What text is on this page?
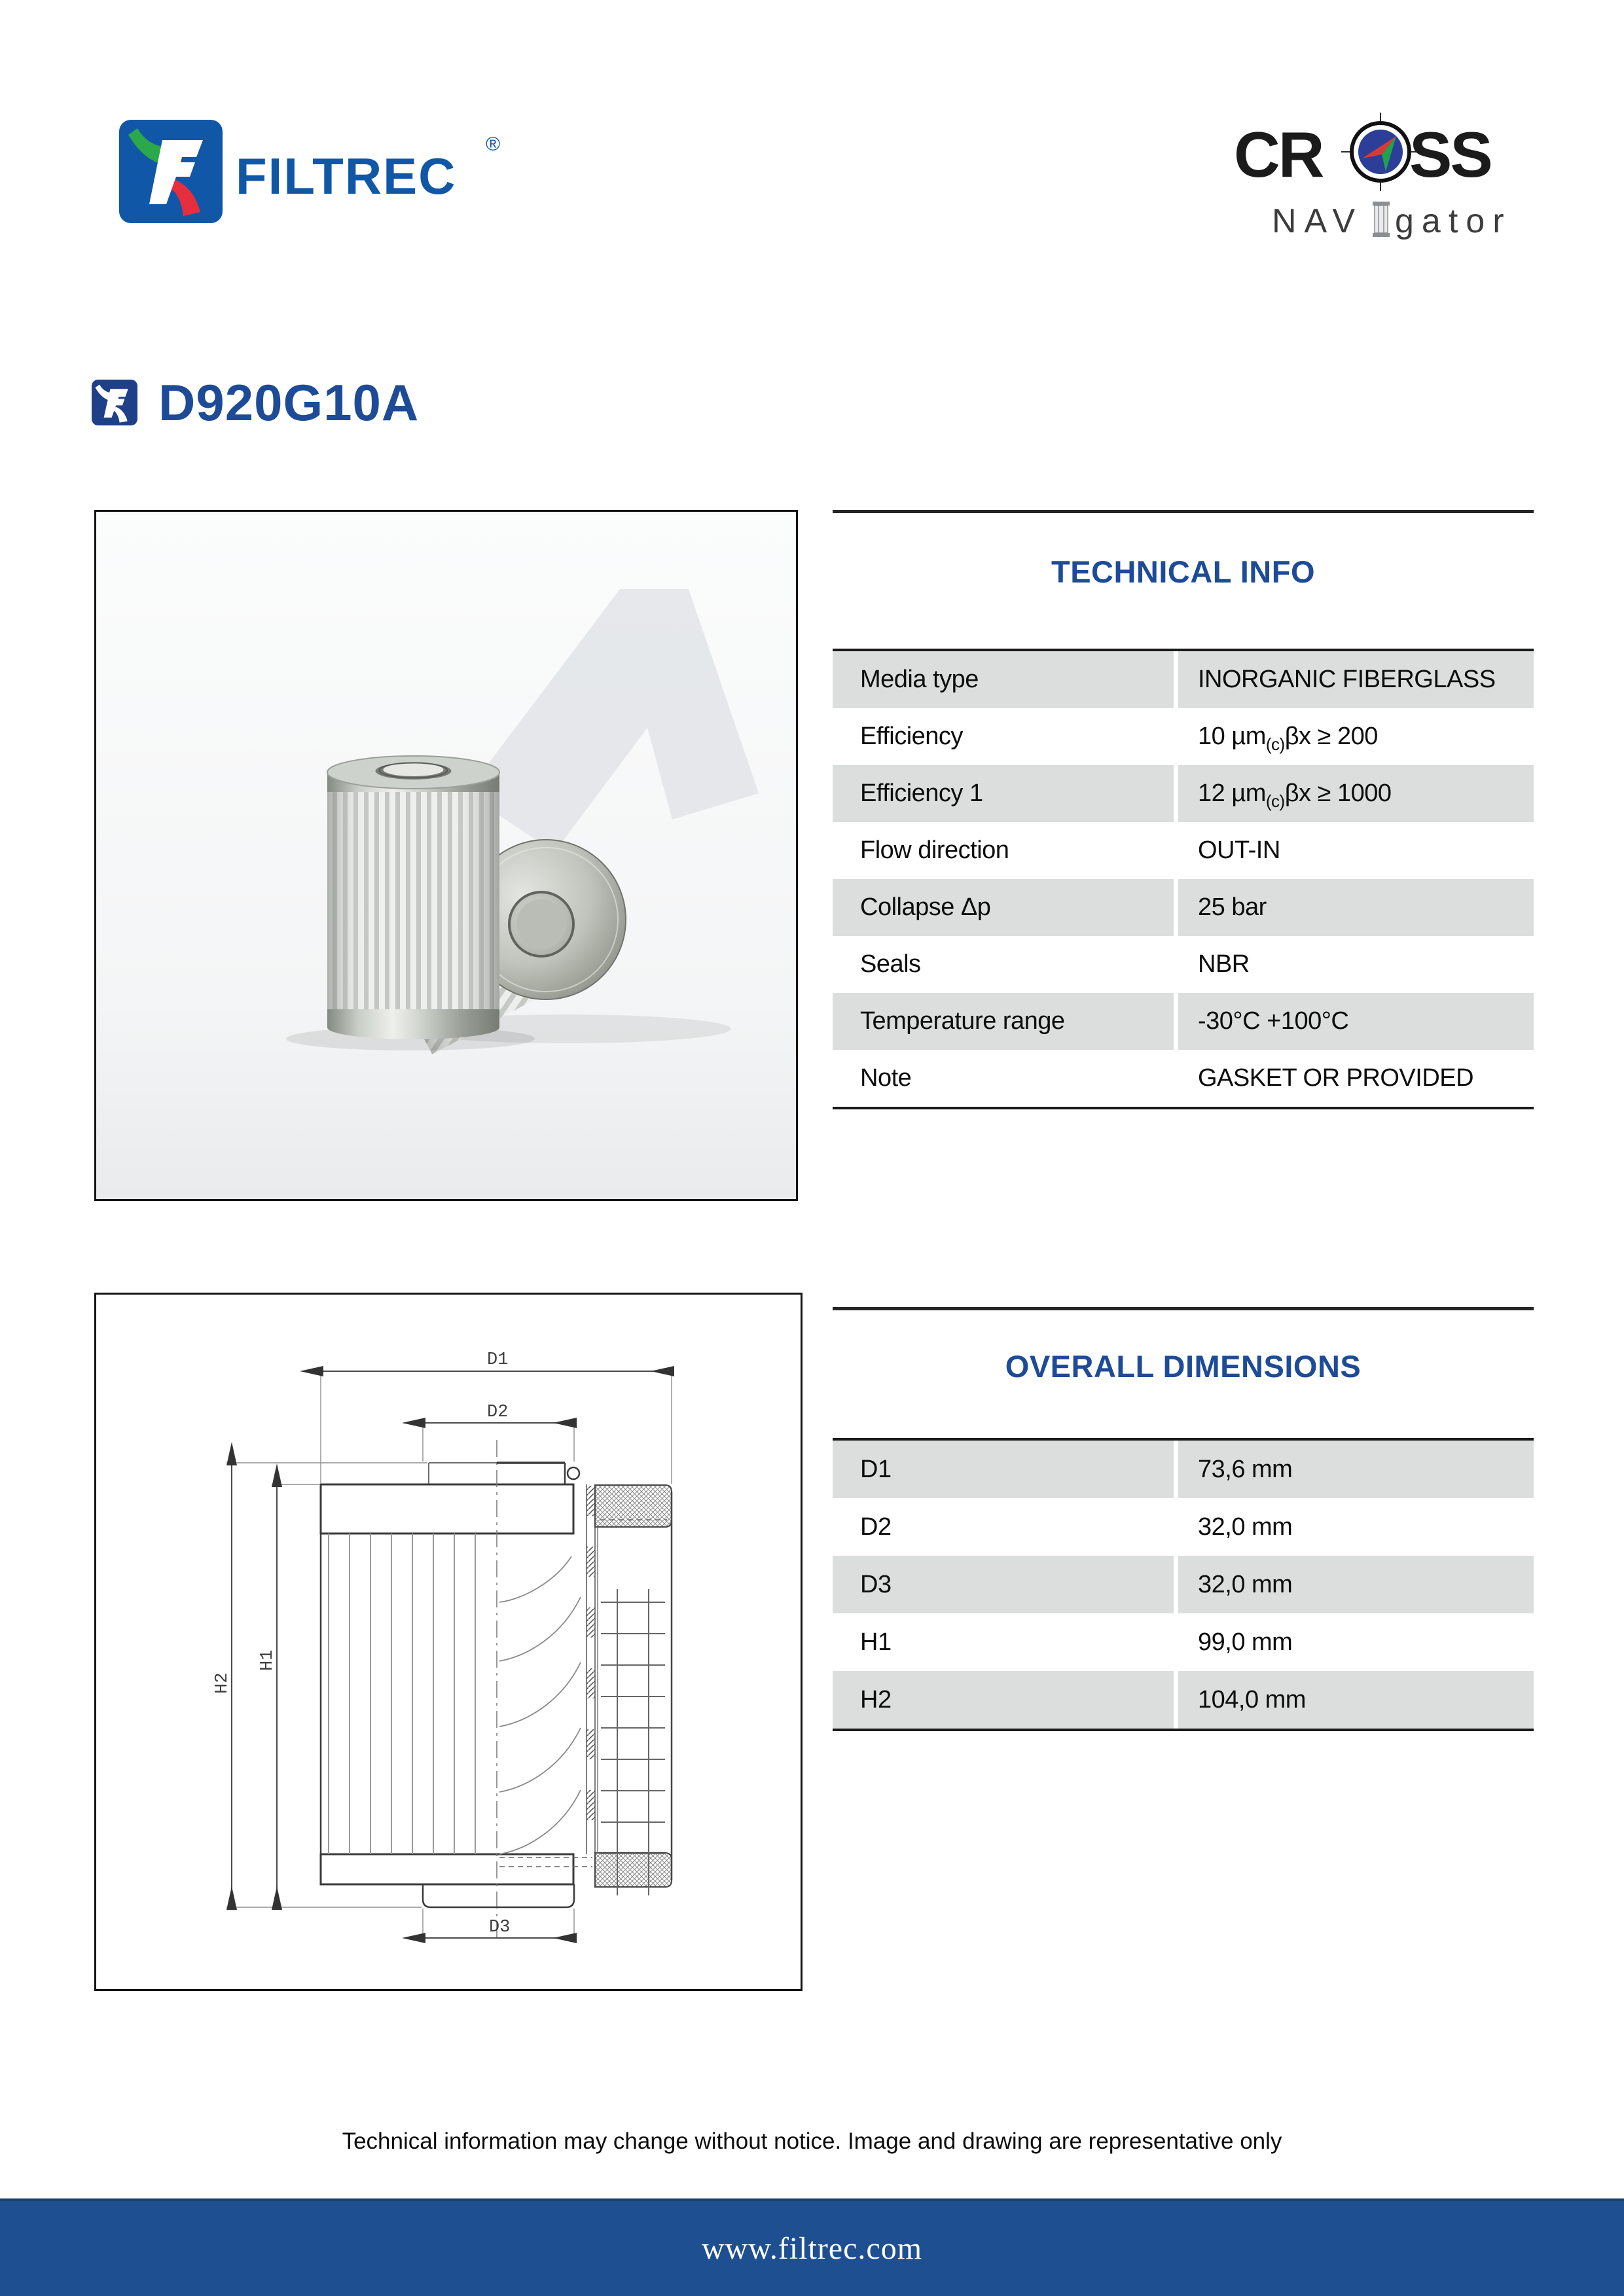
FILTREC
®	CR SS
NAV gator
D920G10A
TECHNICAL INFO
Media type	INORGANIC FIBERGLASS
Efficiency	10 µm (c) βx ≥ 200
Efficiency 1	12 µm (c) βx ≥ 1000
Flow direction	OUT-IN
Collapse Δp	25 bar
Seals	NBR
Temperature range	-30°C +100°C
Note	GASKET OR PROVIDED
D1
D2
D3
H2
H1
OVERALL DIMENSIONS
D1	73,6 mm
D2	32,0 mm
D3	32,0 mm
H1	99,0 mm
H2	104,0 mm
Technical information may change without notice. Image and drawing are representative only
www.filtrec.com
